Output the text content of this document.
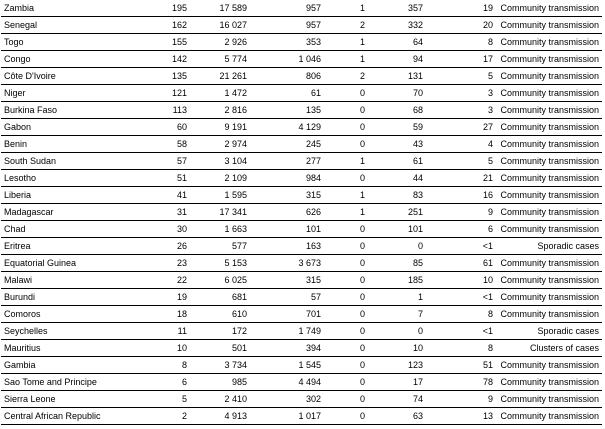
Zambia	195	17 589	957	1	357	19	Community transmission
Senegal	162	16 027	957	2	332	20	Community transmission
Togo	155	2 926	353	1	64	8	Community transmission
Congo	142	5 774	1 046	1	94	17	Community transmission
Côte D'Ivoire	135	21 261	806	2	131	5	Community transmission
Niger	121	1 472	61	0	70	3	Community transmission
Burkina Faso	113	2 816	135	0	68	3	Community transmission
Gabon	60	9 191	4 129	0	59	27	Community transmission
Benin	58	2 974	245	0	43	4	Community transmission
South Sudan	57	3 104	277	1	61	5	Community transmission
Lesotho	51	2 109	984	0	44	21	Community transmission
Liberia	41	1 595	315	1	83	16	Community transmission
Madagascar	31	17 341	626	1	251	9	Community transmission
Chad	30	1 663	101	0	101	6	Community transmission
Eritrea	26	577	163	0	0	<1	Sporadic cases
Equatorial Guinea	23	5 153	3 673	0	85	61	Community transmission
Malawi	22	6 025	315	0	185	10	Community transmission
Burundi	19	681	57	0	1	<1	Community transmission
Comoros	18	610	701	0	7	8	Community transmission
Seychelles	11	172	1 749	0	0	<1	Sporadic cases
Mauritius	10	501	394	0	10	8	Clusters of cases
Gambia	8	3 734	1 545	0	123	51	Community transmission
Sao Tome and Principe	6	985	4 494	0	17	78	Community transmission
Sierra Leone	5	2 410	302	0	74	9	Community transmission
Central African Republic	2	4 913	1 017	0	63	13	Community transmission
